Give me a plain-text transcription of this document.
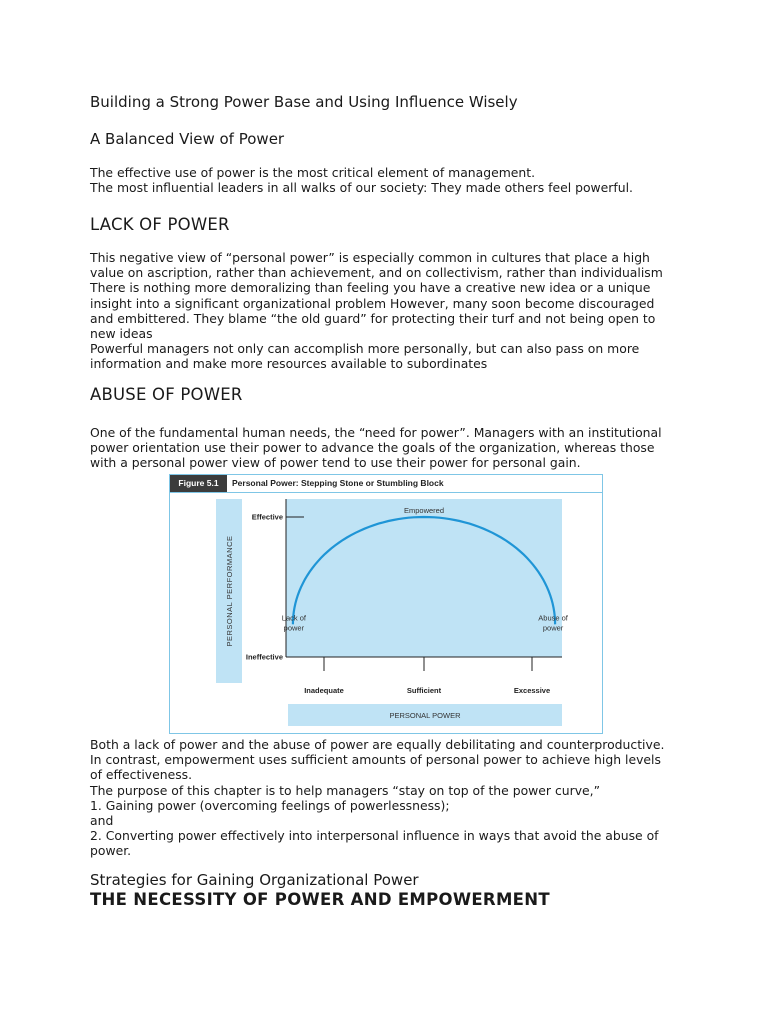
Building a Strong Power Base and Using Influence Wisely
A Balanced View of Power

The effective use of power is the most critical element of management.
The most influential leaders in all walks of our society: They made others feel powerful.

LACK OF POWER

This negative view of “personal power” is especially common in cultures that place a high
value on ascription, rather than achievement, and on collectivism, rather than individualism
There is nothing more demoralizing than feeling you have a creative new idea or a unique
insight into a significant organizational problem However, many soon become discouraged
and embittered. They blame “the old guard” for protecting their turf and not being open to
new ideas
Powerful managers not only can accomplish more personally, but can also pass on more
information and make more resources available to subordinates

ABUSE OF POWER

One of the fundamental human needs, the “need for power”. Managers with an institutional
power orientation use their power to advance the goals of the organization, whereas those
with a personal power view of power tend to use their power for personal gain.

Both a lack of power and the abuse of power are equally debilitating and counterproductive.
In contrast, empowerment uses sufficient amounts of personal power to achieve high levels
of effectiveness.
The purpose of this chapter is to help managers “stay on top of the power curve,”
1. Gaining power (overcoming feelings of powerlessness);
and
2. Converting power effectively into interpersonal influence in ways that avoid the abuse of
power.

Strategies for Gaining Organizational Power
THE NECESSITY OF POWER AND EMPOWERMENT
Figure 5.1	Personal Power: Stepping Stone or Stumbling Block
Inadequate	Sufficient	Excessive
Ineffective
Effective
PERSONAL PERFORMANCE
PERSONAL POWER
Lack of
power
Empowered
Abuse of
power
